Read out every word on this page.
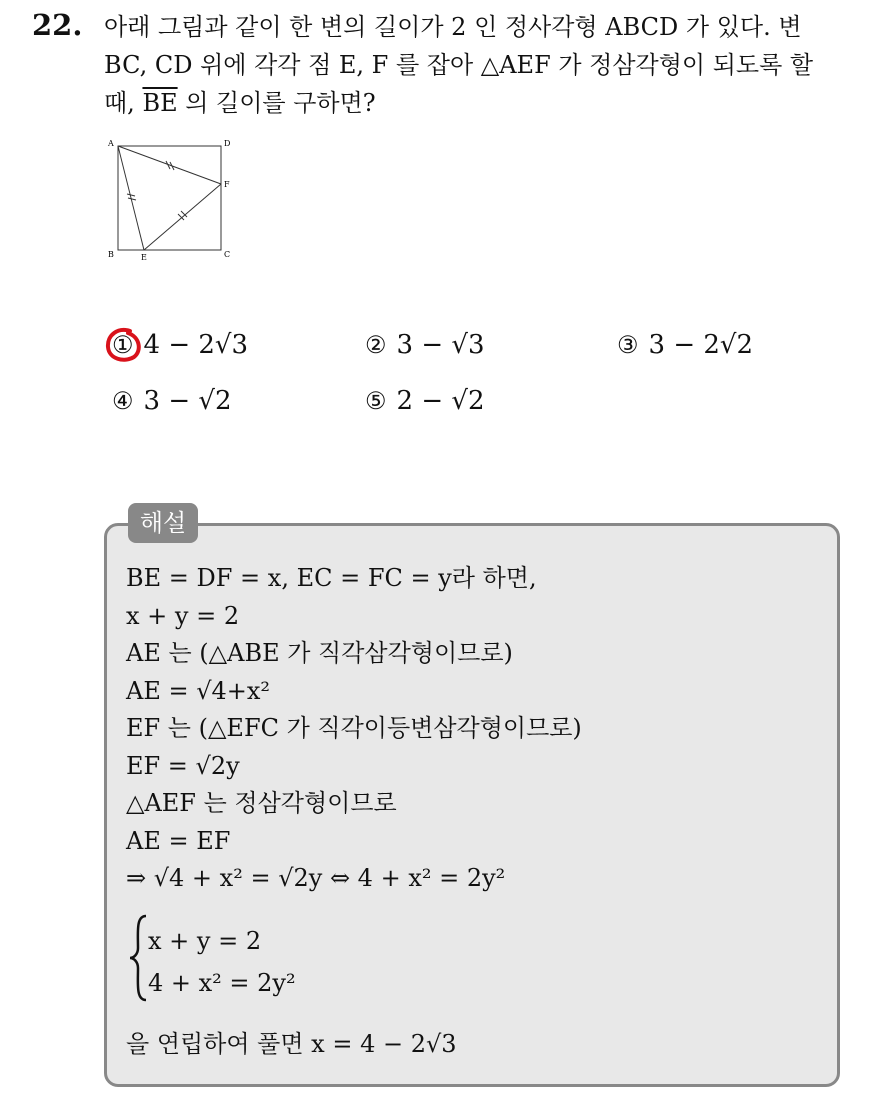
22. 아래 그림과 같이 한 변의 길이가 2 인 정사각형 ABCD 가 있다. 변
BC, CD 위에 각각 점 E, F 를 잡아 △AEF 가 정삼각형이 되도록 할
때, $\overline{BE}$ 의 길이를 구하면?
A	D
B	C
E
F
① 4 − 2√3	② 3 − √3	③ 3 − 2√2
④ 3 − √2	⑤ 2 − √2
해설
BE = DF = x, EC = FC = y라 하면,
x + y = 2
AE 는 (△ABE 가 직각삼각형이므로)
AE = √4+x²
EF 는 (△EFC 가 직각이등변삼각형이므로)
EF = √2y
△AEF 는 정삼각형이므로
AE = EF
⇒ √4 + x² = √2y ⇔ 4 + x² = 2y²
x + y = 2
4 + x² = 2y²
을 연립하여 풀면 x = 4 − 2√3
